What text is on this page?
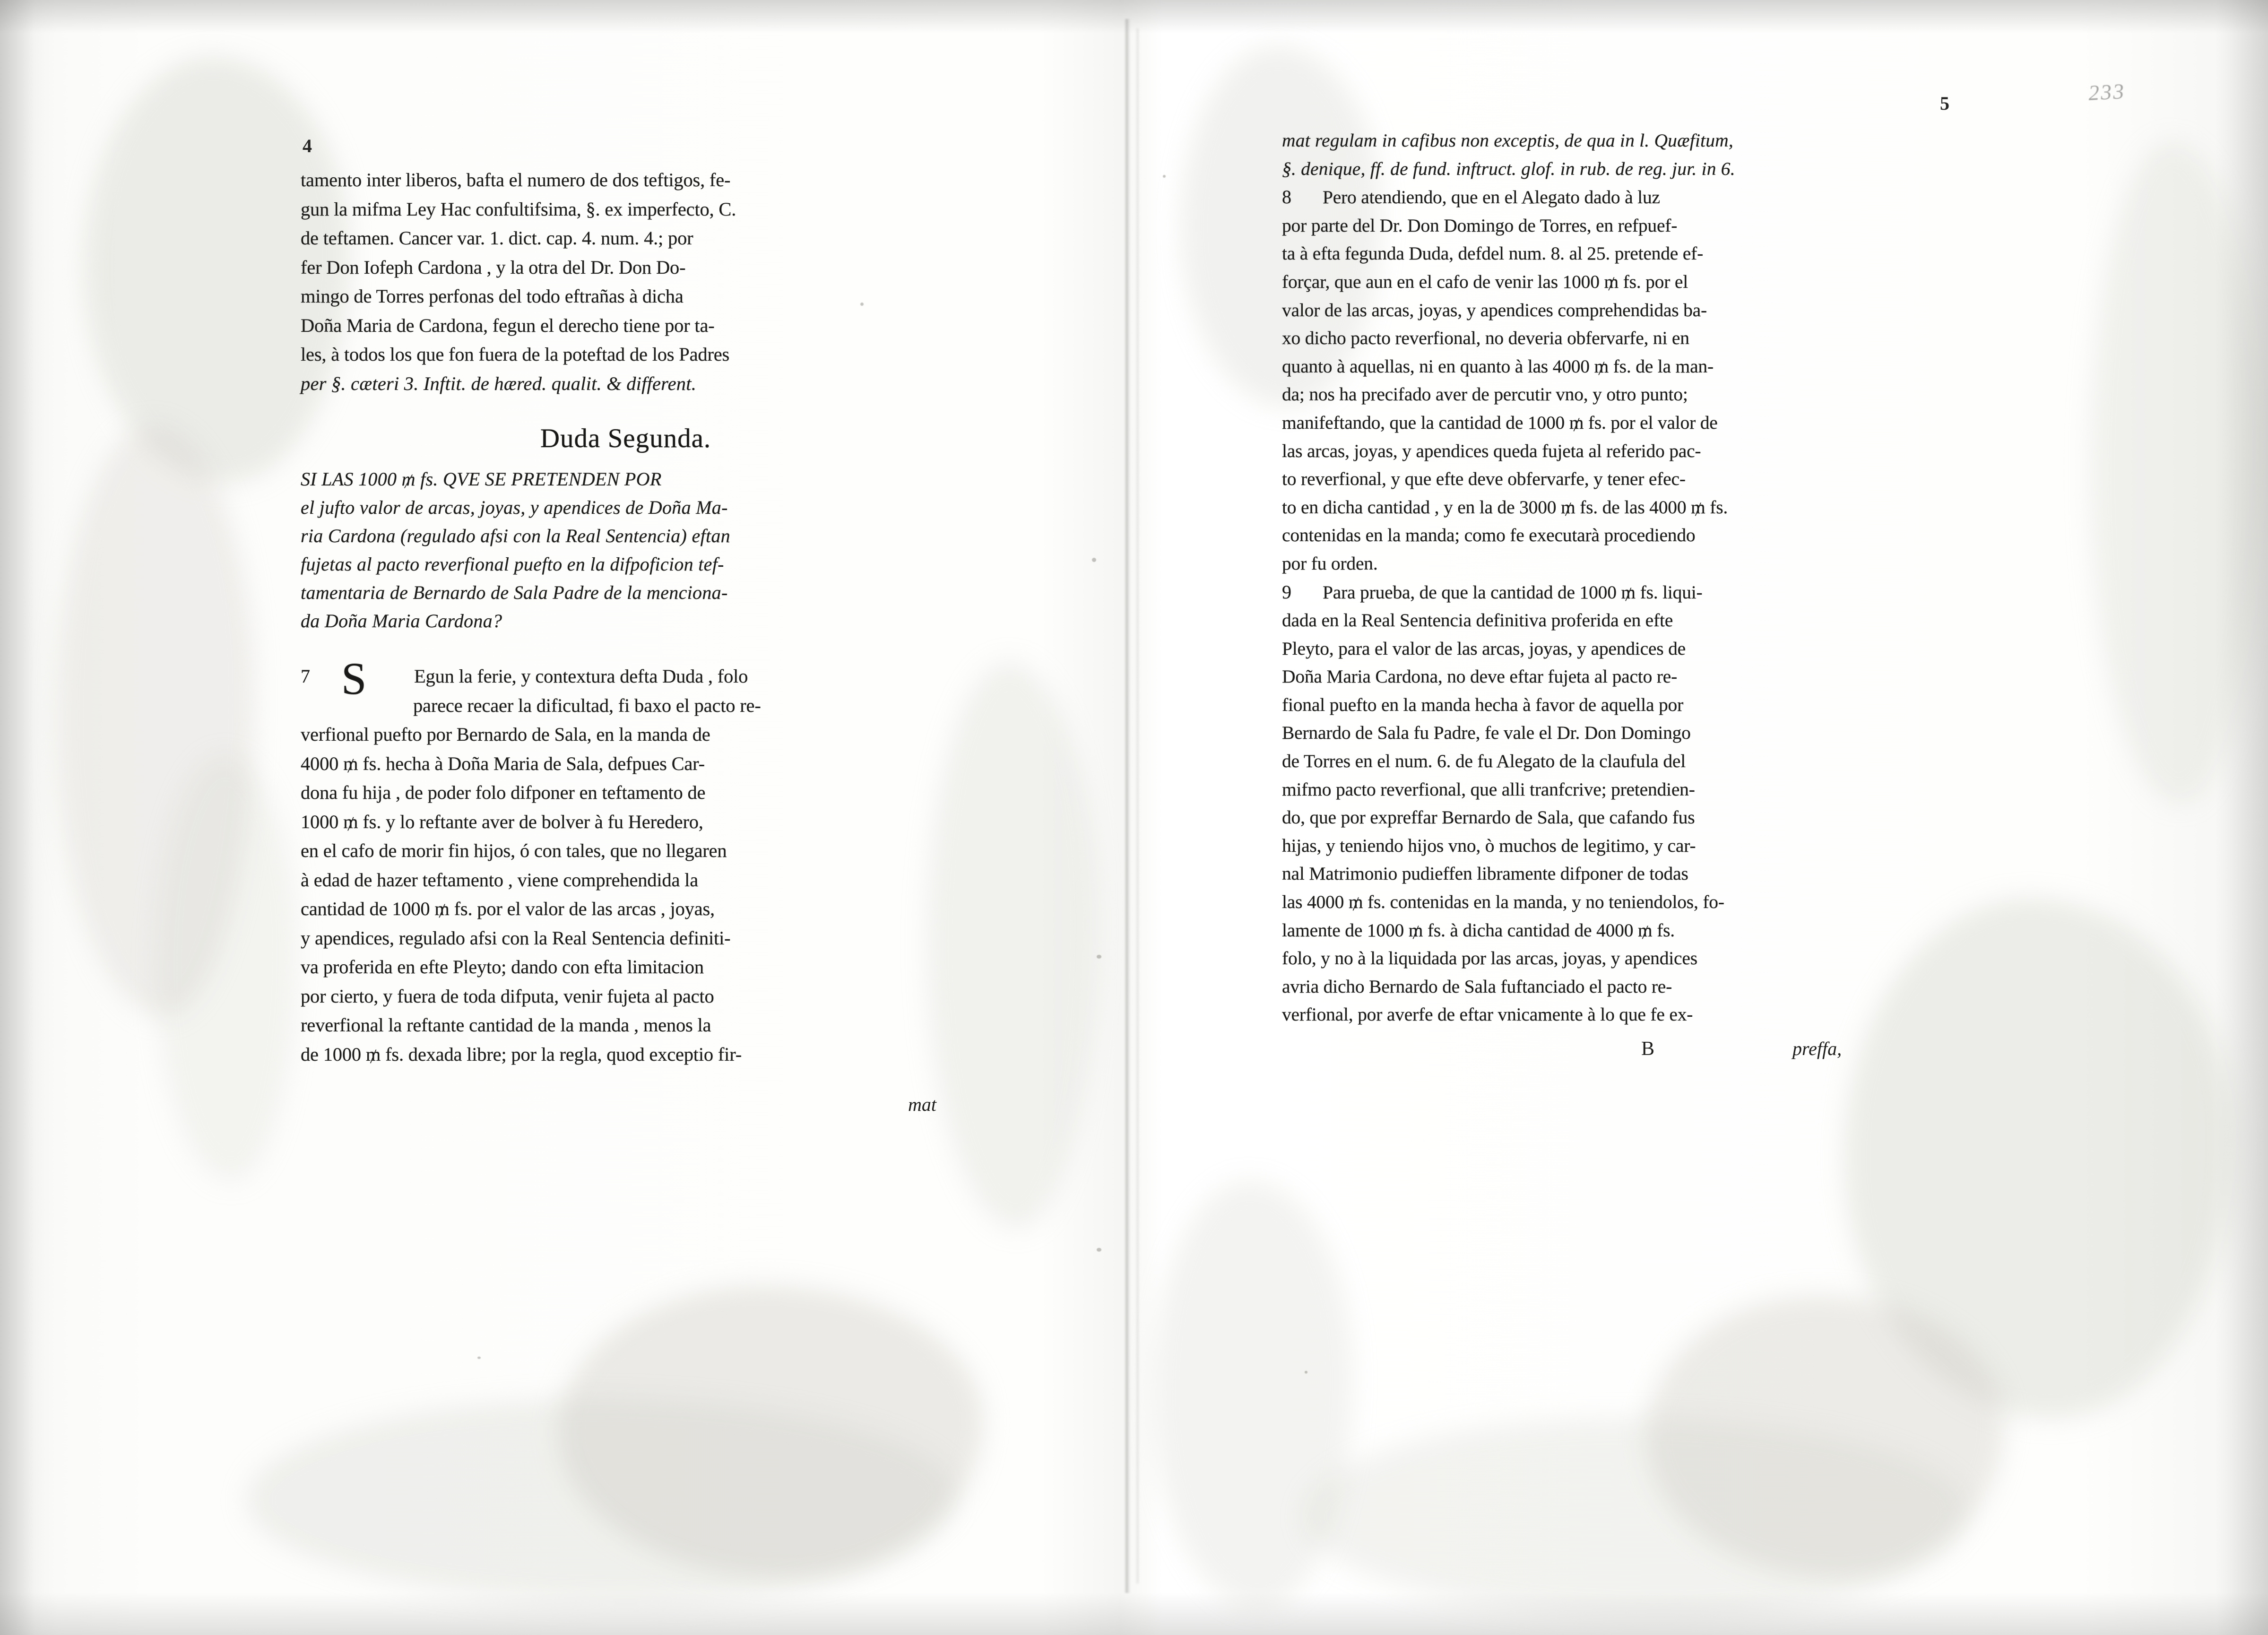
4
tamento inter liberos, bafta el numero de dos teftigos, fe-
gun la mifma Ley Hac confultifsima, §. ex imperfecto, C.
de teftamen. Cancer var. 1. dict. cap. 4. num. 4.; por
fer Don Iofeph Cardona , y la otra del Dr. Don Do-
mingo de Torres perfonas del todo eftrañas à dicha
Doña Maria de Cardona, fegun el derecho tiene por ta-
les, à todos los que fon fuera de la poteftad de los Padres
per §. cæteri 3. Inftit. de hæred. qualit. & different.
Duda Segunda.
SI LAS 1000 ₥ fs. QVE SE PRETENDEN POR
el jufto valor de arcas, joyas, y apendices de Doña Ma-
ria Cardona (regulado afsi con la Real Sentencia) eftan
fujetas al pacto reverfional puefto en la difpoficion tef-
tamentaria de Bernardo de Sala Padre de la menciona-
da Doña Maria Cardona?
S
7	Egun la ferie, y contextura defta Duda , folo
parece recaer la dificultad, fi baxo el pacto re-
verfional puefto por Bernardo de Sala, en la manda de
4000 ₥ fs. hecha à Doña Maria de Sala, defpues Car-
dona fu hija , de poder folo difponer en teftamento de
1000 ₥ fs. y lo reftante aver de bolver à fu Heredero,
en el cafo de morir fin hijos, ó con tales, que no llegaren
à edad de hazer teftamento , viene comprehendida la
cantidad de 1000 ₥ fs. por el valor de las arcas , joyas,
y apendices, regulado afsi con la Real Sentencia definiti-
va proferida en efte Pleyto; dando con efta limitacion
por cierto, y fuera de toda difputa, venir fujeta al pacto
reverfional la reftante cantidad de la manda , menos la
de 1000 ₥ fs. dexada libre; por la regla, quod exceptio fir-
mat
5	233
mat regulam in cafibus non exceptis, de qua in l. Quæfitum,
§. denique, ff. de fund. inftruct. glof. in rub. de reg. jur. in 6.
8 Pero atendiendo, que en el Alegato dado à luz
por parte del Dr. Don Domingo de Torres, en refpuef-
ta à efta fegunda Duda, defdel num. 8. al 25. pretende ef-
forçar, que aun en el cafo de venir las 1000 ₥ fs. por el
valor de las arcas, joyas, y apendices comprehendidas ba-
xo dicho pacto reverfional, no deveria obfervarfe, ni en
quanto à aquellas, ni en quanto à las 4000 ₥ fs. de la man-
da; nos ha precifado aver de percutir vno, y otro punto;
manifeftando, que la cantidad de 1000 ₥ fs. por el valor de
las arcas, joyas, y apendices queda fujeta al referido pac-
to reverfional, y que efte deve obfervarfe, y tener efec-
to en dicha cantidad , y en la de 3000 ₥ fs. de las 4000 ₥ fs.
contenidas en la manda; como fe executarà procediendo
por fu orden.
9 Para prueba, de que la cantidad de 1000 ₥ fs. liqui-
dada en la Real Sentencia definitiva proferida en efte
Pleyto, para el valor de las arcas, joyas, y apendices de
Doña Maria Cardona, no deve eftar fujeta al pacto re-
fional puefto en la manda hecha à favor de aquella por
Bernardo de Sala fu Padre, fe vale el Dr. Don Domingo
de Torres en el num. 6. de fu Alegato de la claufula del
mifmo pacto reverfional, que alli tranfcrive; pretendien-
do, que por expreffar Bernardo de Sala, que cafando fus
hijas, y teniendo hijos vno, ò muchos de legitimo, y car-
nal Matrimonio pudieffen libramente difponer de todas
las 4000 ₥ fs. contenidas en la manda, y no teniendolos, fo-
lamente de 1000 ₥ fs. à dicha cantidad de 4000 ₥ fs.
folo, y no à la liquidada por las arcas, joyas, y apendices
avria dicho Bernardo de Sala fuftanciado el pacto re-
verfional, por averfe de eftar vnicamente à lo que fe ex-
B	preffa,
